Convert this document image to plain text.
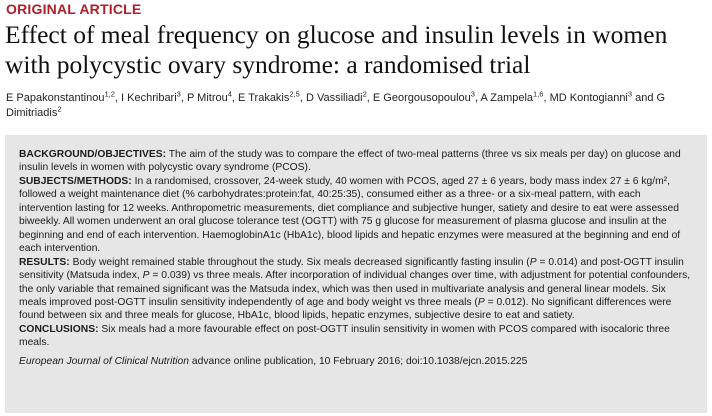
ORIGINAL ARTICLE
Effect of meal frequency on glucose and insulin levels in women with polycystic ovary syndrome: a randomised trial
E Papakonstantinou$^{1,2}$, I Kechribari$^3$, P Mitrou$^4$, E Trakakis$^{2,5}$, D Vassiliadi$^2$, E Georgousopoulou$^3$, A Zampela$^{1,6}$, MD Kontogianni$^3$ and G Dimitriadis$^2$

BACKGROUND/OBJECTIVES: The aim of the study was to compare the effect of two-meal patterns (three vs six meals per day) on glucose and insulin levels in women with polycystic ovary syndrome (PCOS).

SUBJECTS/METHODS: In a randomised, crossover, 24-week study, 40 women with PCOS, aged 27 ± 6 years, body mass index 27 ± 6 kg/m², followed a weight maintenance diet (% carbohydrates:protein:fat, 40:25:35), consumed either as a three- or a six-meal pattern, with each intervention lasting for 12 weeks. Anthropometric measurements, diet compliance and subjective hunger, satiety and desire to eat were assessed biweekly. All women underwent an oral glucose tolerance test (OGTT) with 75 g glucose for measurement of plasma glucose and insulin at the beginning and end of each intervention. HaemoglobinA1c (HbA1c), blood lipids and hepatic enzymes were measured at the beginning and end of each intervention.

RESULTS: Body weight remained stable throughout the study. Six meals decreased significantly fasting insulin (P = 0.014) and post-OGTT insulin sensitivity (Matsuda index, P = 0.039) vs three meals. After incorporation of individual changes over time, with adjustment for potential confounders, the only variable that remained significant was the Matsuda index, which was then used in multivariate analysis and general linear models. Six meals improved post-OGTT insulin sensitivity independently of age and body weight vs three meals (P = 0.012). No significant differences were found between six and three meals for glucose, HbA1c, blood lipids, hepatic enzymes, subjective desire to eat and satiety.

CONCLUSIONS: Six meals had a more favourable effect on post-OGTT insulin sensitivity in women with PCOS compared with isocaloric three meals.

European Journal of Clinical Nutrition advance online publication, 10 February 2016; doi:10.1038/ejcn.2015.225
